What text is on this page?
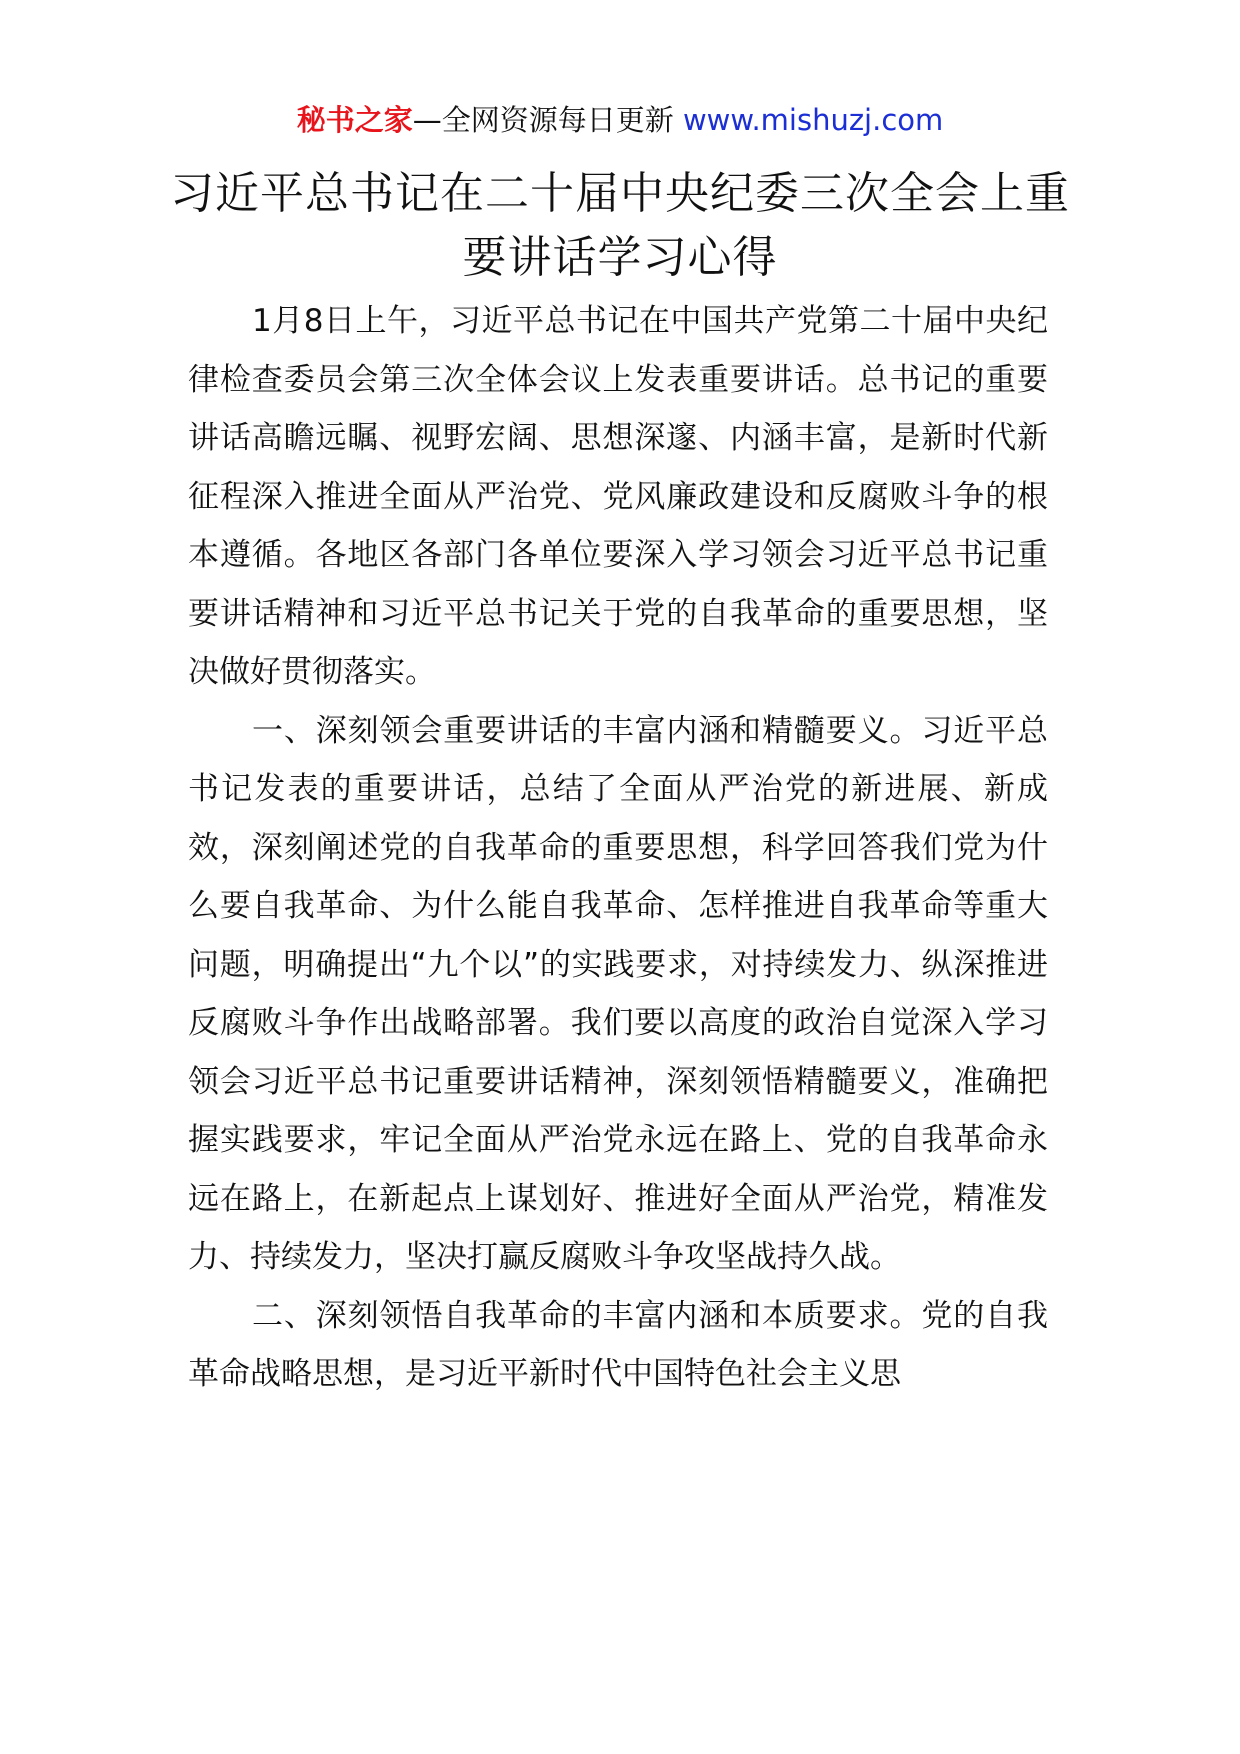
秘书之家—全网资源每日更新 www.mishuzj.com
习近平总书记在二十届中央纪委三次全会上重要讲话学习心得

1月8日上午，习近平总书记在中国共产党第二十届中央纪律检查委员会第三次全体会议上发表重要讲话。总书记的重要讲话高瞻远瞩、视野宏阔、思想深邃、内涵丰富，是新时代新征程深入推进全面从严治党、党风廉政建设和反腐败斗争的根本遵循。各地区各部门各单位要深入学习领会习近平总书记重要讲话精神和习近平总书记关于党的自我革命的重要思想，坚决做好贯彻落实。

一、深刻领会重要讲话的丰富内涵和精髓要义。习近平总书记发表的重要讲话，总结了全面从严治党的新进展、新成效，深刻阐述党的自我革命的重要思想，科学回答我们党为什么要自我革命、为什么能自我革命、怎样推进自我革命等重大问题，明确提出“九个以”的实践要求，对持续发力、纵深推进反腐败斗争作出战略部署。我们要以高度的政治自觉深入学习领会习近平总书记重要讲话精神，深刻领悟精髓要义，准确把握实践要求，牢记全面从严治党永远在路上、党的自我革命永远在路上，在新起点上谋划好、推进好全面从严治党，精准发力、持续发力，坚决打赢反腐败斗争攻坚战持久战。

二、深刻领悟自我革命的丰富内涵和本质要求。党的自我革命战略思想，是习近平新时代中国特色社会主义思
